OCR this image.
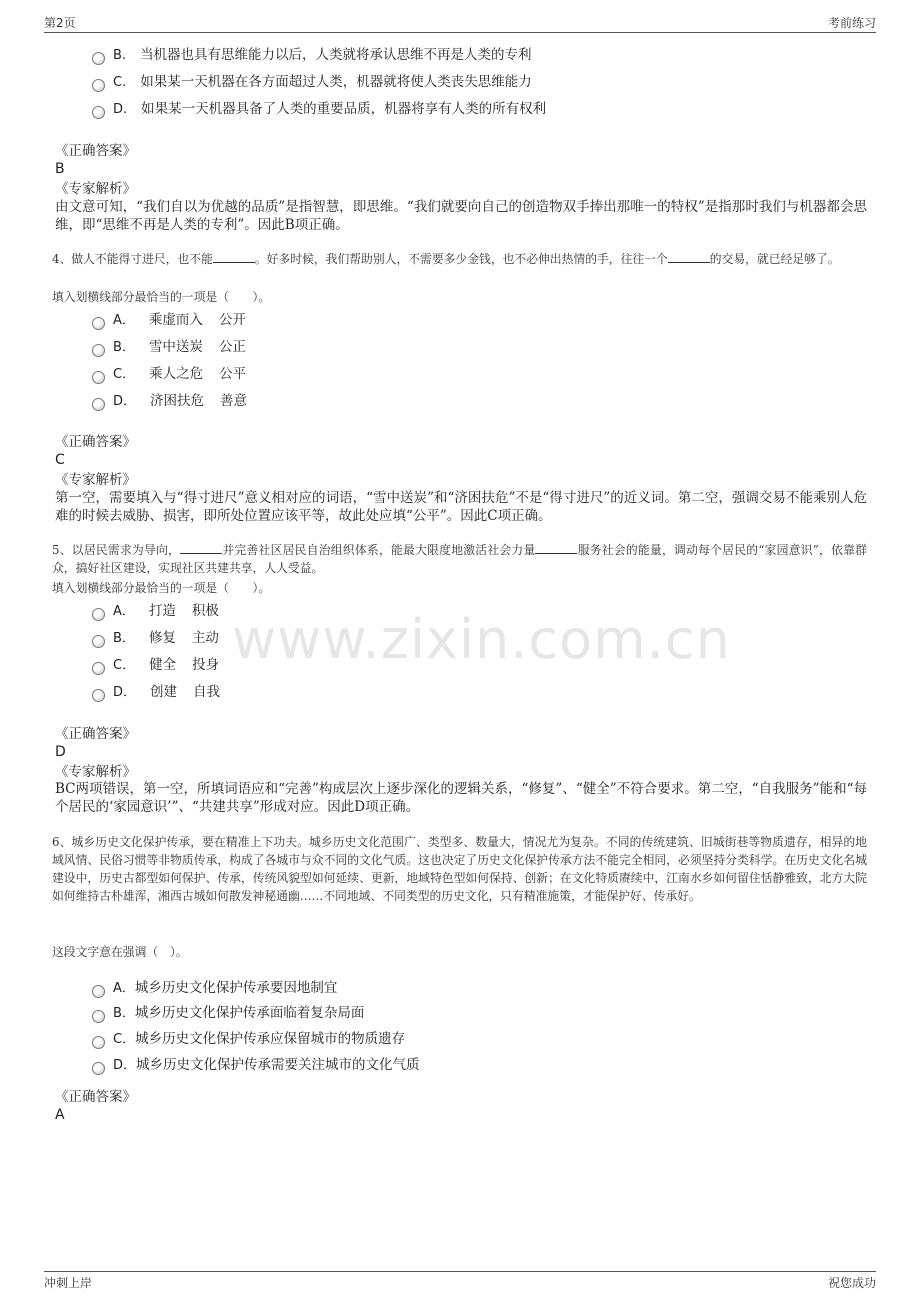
第2页	考前练习
www.zixin.com.cn
B. 当机器也具有思维能力以后，人类就将承认思维不再是人类的专利
C. 如果某一天机器在各方面超过人类，机器就将使人类丧失思维能力
D. 如果某一天机器具备了人类的重要品质，机器将享有人类的所有权利
《正确答案》
B
《专家解析》
由文意可知，“我们自以为优越的品质”是指智慧，即思维。“我们就要向自己的创造物双手捧出那唯一的特权”是指那时我们与机器都会思维，即“思维不再是人类的专利”。因此B项正确。
4、做人不能得寸进尺，也不能	。好多时候，我们帮助别人，不需要多少金钱，也不必伸出热情的手，往往一个	的交易，就已经足够了。
填入划横线部分最恰当的一项是（　　）。
A． 乘虚而入 公开
B． 雪中送炭 公正
C． 乘人之危 公平
D． 济困扶危 善意
《正确答案》
C
《专家解析》
第一空，需要填入与“得寸进尺”意义相对应的词语，“雪中送炭”和“济困扶危”不是“得寸进尺”的近义词。第二空，强调交易不能乘别人危难的时候去威胁、损害，即所处位置应该平等，故此处应填“公平”。因此C项正确。
5、以居民需求为导向，	并完善社区居民自治组织体系，能最大限度地激活社会力量	服务社会的能量，调动每个居民的“家园意识”，依靠群众，搞好社区建设，实现社区共建共享，人人受益。
填入划横线部分最恰当的一项是（　　）。
A． 打造 积极
B． 修复 主动
C． 健全 投身
D． 创建 自我
《正确答案》
D
《专家解析》
BC两项错误，第一空，所填词语应和“完善”构成层次上逐步深化的逻辑关系，“修复”、“健全”不符合要求。第二空，“自我服务”能和“每个居民的‘家园意识’”、“共建共享”形成对应。因此D项正确。
6、城乡历史文化保护传承，要在精准上下功夫。城乡历史文化范围广、类型多、数量大，情况尤为复杂。不同的传统建筑、旧城街巷等物质遗存，相异的地域风情、民俗习惯等非物质传承，构成了各城市与众不同的文化气质。这也决定了历史文化保护传承方法不能完全相同，必须坚持分类科学。在历史文化名城建设中，历史古都型如何保护、传承，传统风貌型如何延续、更新，地域特色型如何保持、创新；在文化特质赓续中，江南水乡如何留住恬静雅致，北方大院如何维持古朴雄浑，湘西古城如何散发神秘通幽……不同地域、不同类型的历史文化，只有精准施策，才能保护好、传承好。
这段文字意在强调（　）。
A．城乡历史文化保护传承要因地制宜
B．城乡历史文化保护传承面临着复杂局面
C．城乡历史文化保护传承应保留城市的物质遗存
D．城乡历史文化保护传承需要关注城市的文化气质
《正确答案》
A
冲刺上岸	祝您成功
